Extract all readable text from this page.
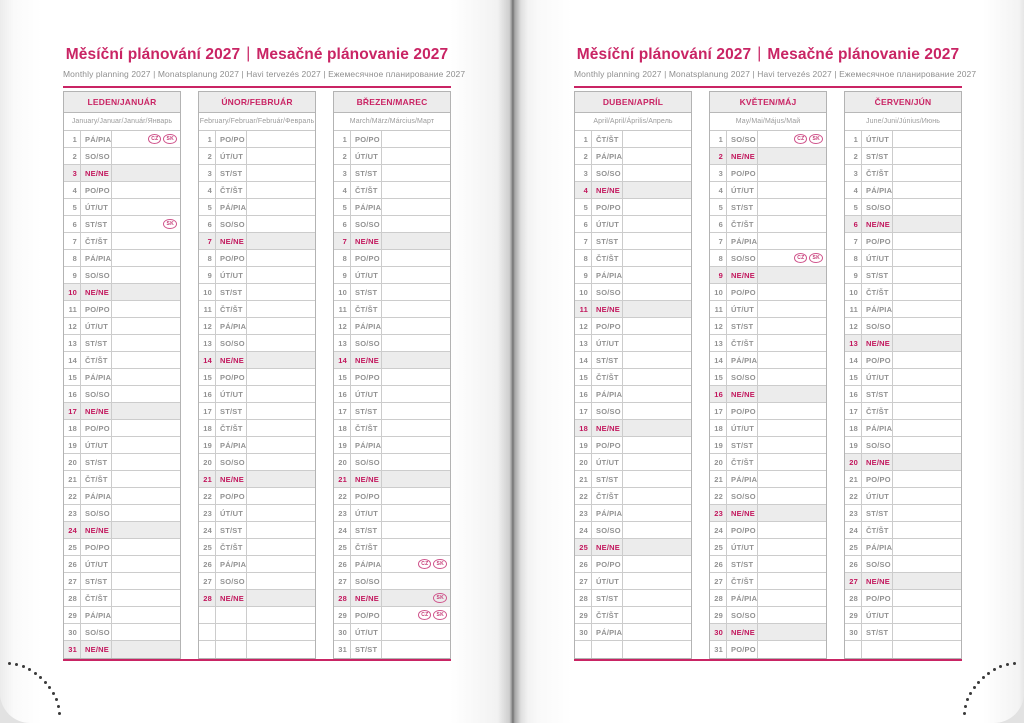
Měsíční plánování 2027 | Mesačné plánovanie 2027

Monthly planning 2027 | Monatsplanung 2027 | Havi tervezés 2027 | Ежемесячное планирование 2027

LEDEN/JANUÁR
January/Januar/Január/Январь
1	PÁ/PIA	CZ	SK
2	SO/SO
3	NE/NE
4	PO/PO
5	ÚT/UT
6	ST/ST	SK
7	ČT/ŠT
8	PÁ/PIA
9	SO/SO
10	NE/NE
11	PO/PO
12	ÚT/UT
13	ST/ST
14	ČT/ŠT
15	PÁ/PIA
16	SO/SO
17	NE/NE
18	PO/PO
19	ÚT/UT
20	ST/ST
21	ČT/ŠT
22	PÁ/PIA
23	SO/SO
24	NE/NE
25	PO/PO
26	ÚT/UT
27	ST/ST
28	ČT/ŠT
29	PÁ/PIA
30	SO/SO
31	NE/NE
ÚNOR/FEBRUÁR
February/Februar/Február/Февраль
1	PO/PO
2	ÚT/UT
3	ST/ST
4	ČT/ŠT
5	PÁ/PIA
6	SO/SO
7	NE/NE
8	PO/PO
9	ÚT/UT
10	ST/ST
11	ČT/ŠT
12	PÁ/PIA
13	SO/SO
14	NE/NE
15	PO/PO
16	ÚT/UT
17	ST/ST
18	ČT/ŠT
19	PÁ/PIA
20	SO/SO
21	NE/NE
22	PO/PO
23	ÚT/UT
24	ST/ST
25	ČT/ŠT
26	PÁ/PIA
27	SO/SO
28	NE/NE
BŘEZEN/MAREC
March/März/Március/Март
1	PO/PO
2	ÚT/UT
3	ST/ST
4	ČT/ŠT
5	PÁ/PIA
6	SO/SO
7	NE/NE
8	PO/PO
9	ÚT/UT
10	ST/ST
11	ČT/ŠT
12	PÁ/PIA
13	SO/SO
14	NE/NE
15	PO/PO
16	ÚT/UT
17	ST/ST
18	ČT/ŠT
19	PÁ/PIA
20	SO/SO
21	NE/NE
22	PO/PO
23	ÚT/UT
24	ST/ST
25	ČT/ŠT
26	PÁ/PIA	CZ	SK
27	SO/SO
28	NE/NE	SK
29	PO/PO	CZ	SK
30	ÚT/UT
31	ST/ST
Měsíční plánování 2027 | Mesačné plánovanie 2027

Monthly planning 2027 | Monatsplanung 2027 | Havi tervezés 2027 | Ежемесячное планирование 2027

DUBEN/APRÍL
April/April/Április/Апрель
1	ČT/ŠT
2	PÁ/PIA
3	SO/SO
4	NE/NE
5	PO/PO
6	ÚT/UT
7	ST/ST
8	ČT/ŠT
9	PÁ/PIA
10	SO/SO
11	NE/NE
12	PO/PO
13	ÚT/UT
14	ST/ST
15	ČT/ŠT
16	PÁ/PIA
17	SO/SO
18	NE/NE
19	PO/PO
20	ÚT/UT
21	ST/ST
22	ČT/ŠT
23	PÁ/PIA
24	SO/SO
25	NE/NE
26	PO/PO
27	ÚT/UT
28	ST/ST
29	ČT/ŠT
30	PÁ/PIA
KVĚTEN/MÁJ
May/Mai/Május/Май
1	SO/SO	CZ	SK
2	NE/NE
3	PO/PO
4	ÚT/UT
5	ST/ST
6	ČT/ŠT
7	PÁ/PIA
8	SO/SO	CZ	SK
9	NE/NE
10	PO/PO
11	ÚT/UT
12	ST/ST
13	ČT/ŠT
14	PÁ/PIA
15	SO/SO
16	NE/NE
17	PO/PO
18	ÚT/UT
19	ST/ST
20	ČT/ŠT
21	PÁ/PIA
22	SO/SO
23	NE/NE
24	PO/PO
25	ÚT/UT
26	ST/ST
27	ČT/ŠT
28	PÁ/PIA
29	SO/SO
30	NE/NE
31	PO/PO
ČERVEN/JÚN
June/Juni/Június/Июнь
1	ÚT/UT
2	ST/ST
3	ČT/ŠT
4	PÁ/PIA
5	SO/SO
6	NE/NE
7	PO/PO
8	ÚT/UT
9	ST/ST
10	ČT/ŠT
11	PÁ/PIA
12	SO/SO
13	NE/NE
14	PO/PO
15	ÚT/UT
16	ST/ST
17	ČT/ŠT
18	PÁ/PIA
19	SO/SO
20	NE/NE
21	PO/PO
22	ÚT/UT
23	ST/ST
24	ČT/ŠT
25	PÁ/PIA
26	SO/SO
27	NE/NE
28	PO/PO
29	ÚT/UT
30	ST/ST
